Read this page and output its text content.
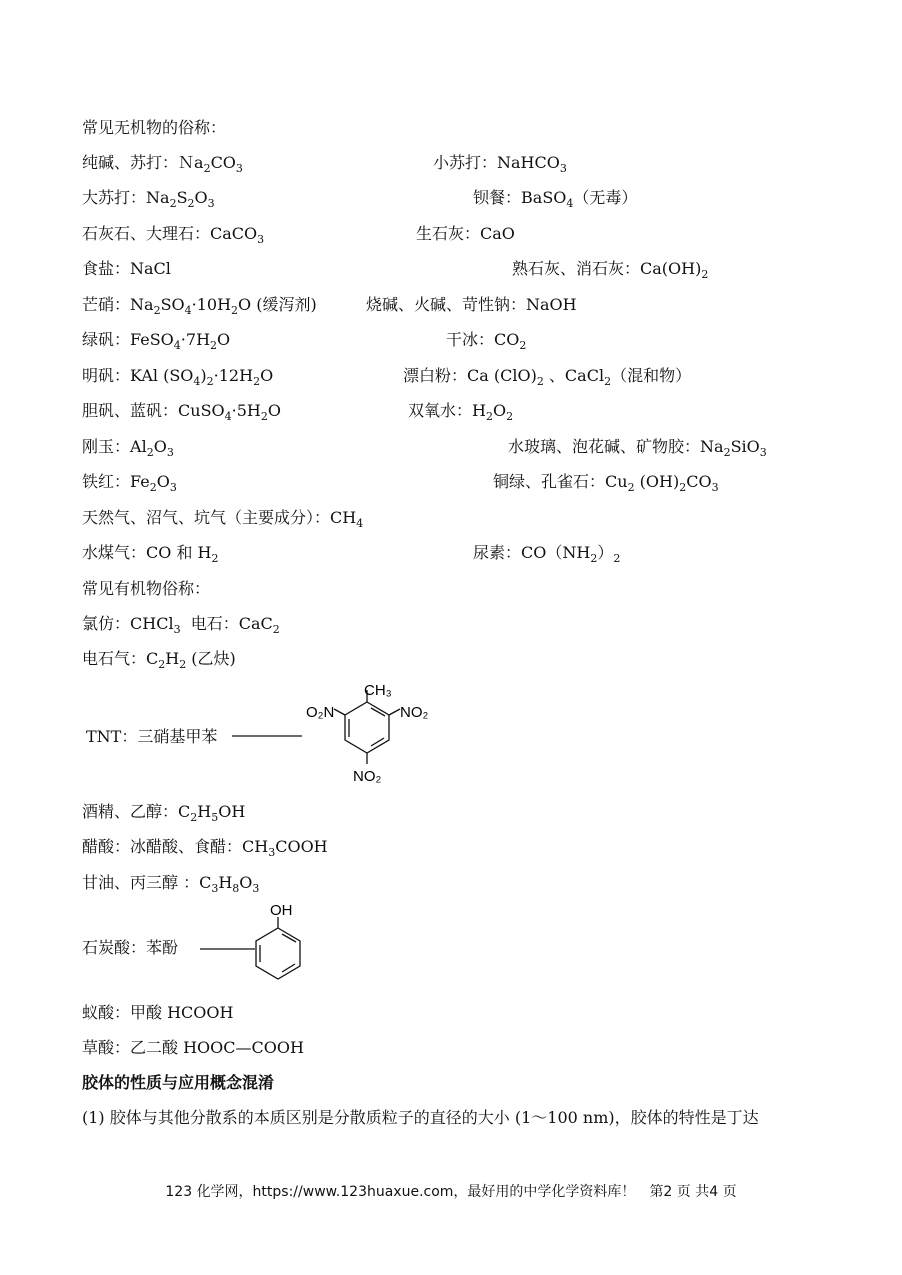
常见无机物的俗称：
纯碱、苏打：$Na_2CO_3$	小苏打：NaHCO$_3$
大苏打：$Na_2S_2O_3$	钡餐：BaSO$_4$（无毒）
石灰石、大理石：CaCO$_3$	生石灰：CaO
食盐：NaCl	熟石灰、消石灰：$Ca(OH)_2$
芒硝：$Na_2SO_4\cdot 10H_2O$ (缓泻剂)	烧碱、火碱、苛性钠：NaOH
绿矾：$FeSO_4\cdot 7H_2O$	干冰：$CO_2$
明矾：KAl $(SO_4)_2\cdot 12H_2O$	漂白粉：Ca $(ClO)_2$ 、CaCl$_2$（混和物）
胆矾、蓝矾：$CuSO_4\cdot 5H_2O$	双氧水：$H_2O_2$
刚玉：$Al_2O_3$	水玻璃、泡花碱、矿物胶：$Na_2SiO_3$
铁红：$Fe_2O_3$	铜绿、孔雀石：$Cu_2$ $(OH)_2CO_3$
天然气、沼气、坑气（主要成分）：$CH_4$
水煤气：CO 和 $H_2$	尿素：$CO(NH_2)_2$
常见有机物俗称：
氯仿：CHCl$_3$ 电石：CaC$_2$
电石气：$C_2H_2$ (乙炔)
TNT：三硝基甲苯
CH₃
O₂N	NO₂
NO₂
酒精、乙醇：$C_2H_5OH$
醋酸：冰醋酸、食醋：$CH_3COOH$
甘油、丙三醇 ：$C_3H_8O_3$
石炭酸：苯酚
OH
蚁酸：甲酸 HCOOH
草酸：乙二酸 HOOC—COOH
胶体的性质与应用概念混淆
(1) 胶体与其他分散系的本质区别是分散质粒子的直径的大小 (1～100 nm)，胶体的特性是丁达
123 化学网，https://www.123huaxue.com，最好用的中学化学资料库！ 第2 页 共4 页
